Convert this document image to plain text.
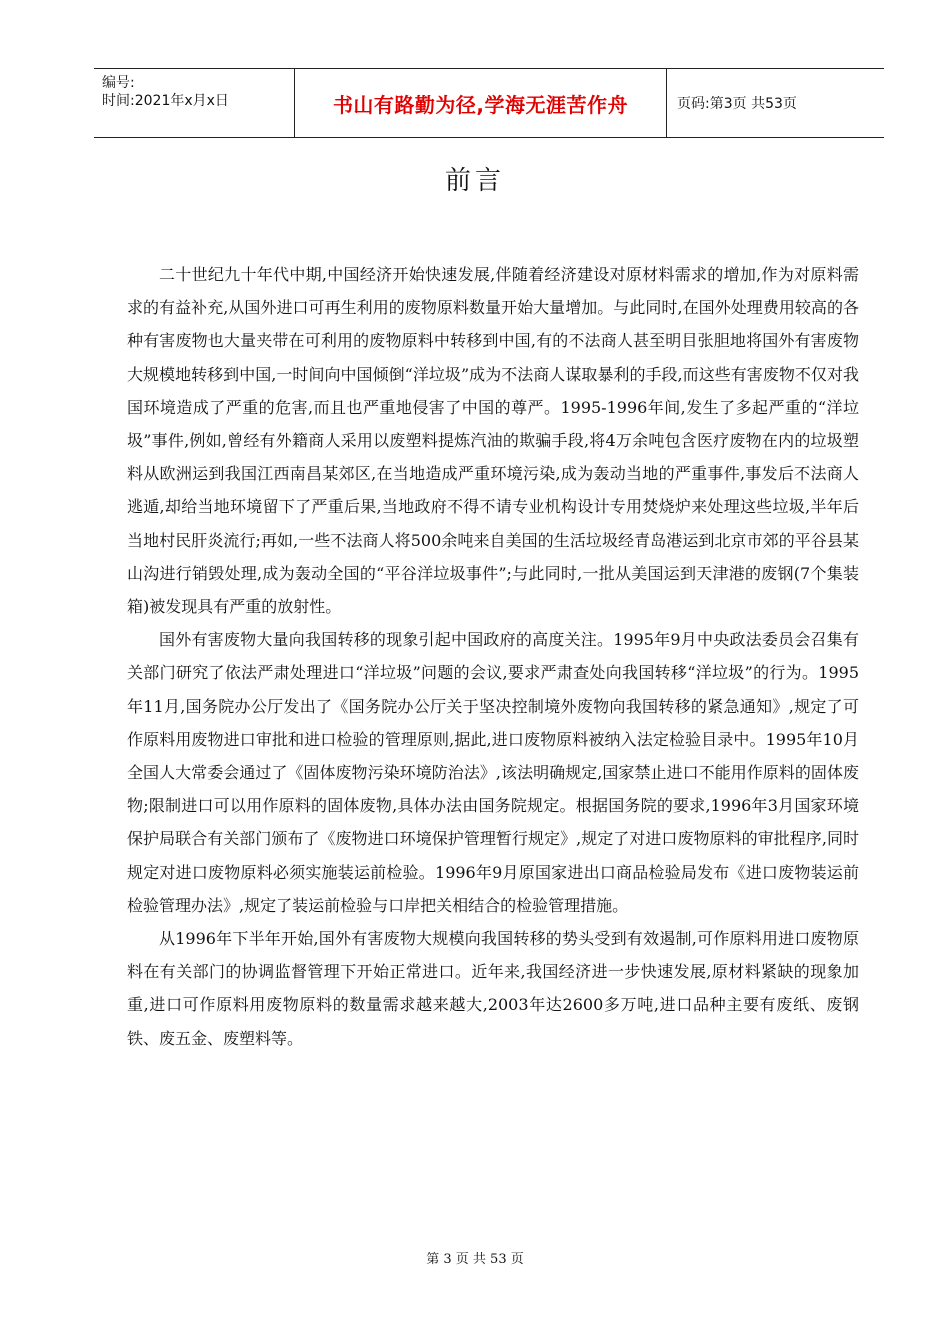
编号:
时间:2021年x月x日	书山有路勤为径,学海无涯苦作舟	页码:第3页 共53页
前言

二十世纪九十年代中期,中国经济开始快速发展,伴随着经济建设对原材料需求的增加,作为对原料需求的有益补充,从国外进口可再生利用的废物原料数量开始大量增加。与此同时,在国外处理费用较高的各种有害废物也大量夹带在可利用的废物原料中转移到中国,有的不法商人甚至明目张胆地将国外有害废物大规模地转移到中国,一时间向中国倾倒“洋垃圾”成为不法商人谋取暴利的手段,而这些有害废物不仅对我国环境造成了严重的危害,而且也严重地侵害了中国的尊严。1995-1996年间,发生了多起严重的“洋垃圾”事件,例如,曾经有外籍商人采用以废塑料提炼汽油的欺骗手段,将4万余吨包含医疗废物在内的垃圾塑料从欧洲运到我国江西南昌某郊区,在当地造成严重环境污染,成为轰动当地的严重事件,事发后不法商人逃遁,却给当地环境留下了严重后果,当地政府不得不请专业机构设计专用焚烧炉来处理这些垃圾,半年后当地村民肝炎流行;再如,一些不法商人将500余吨来自美国的生活垃圾经青岛港运到北京市郊的平谷县某山沟进行销毁处理,成为轰动全国的“平谷洋垃圾事件”;与此同时,一批从美国运到天津港的废钢(7个集装箱)被发现具有严重的放射性。

国外有害废物大量向我国转移的现象引起中国政府的高度关注。1995年9月中央政法委员会召集有关部门研究了依法严肃处理进口“洋垃圾”问题的会议,要求严肃查处向我国转移“洋垃圾”的行为。1995年11月,国务院办公厅发出了《国务院办公厅关于坚决控制境外废物向我国转移的紧急通知》,规定了可作原料用废物进口审批和进口检验的管理原则,据此,进口废物原料被纳入法定检验目录中。1995年10月全国人大常委会通过了《固体废物污染环境防治法》,该法明确规定,国家禁止进口不能用作原料的固体废物;限制进口可以用作原料的固体废物,具体办法由国务院规定。根据国务院的要求,1996年3月国家环境保护局联合有关部门颁布了《废物进口环境保护管理暂行规定》,规定了对进口废物原料的审批程序,同时规定对进口废物原料必须实施装运前检验。1996年9月原国家进出口商品检验局发布《进口废物装运前检验管理办法》,规定了装运前检验与口岸把关相结合的检验管理措施。

从1996年下半年开始,国外有害废物大规模向我国转移的势头受到有效遏制,可作原料用进口废物原料在有关部门的协调监督管理下开始正常进口。近年来,我国经济进一步快速发展,原材料紧缺的现象加重,进口可作原料用废物原料的数量需求越来越大,2003年达2600多万吨,进口品种主要有废纸、废钢铁、废五金、废塑料等。

第 3 页 共 53 页
